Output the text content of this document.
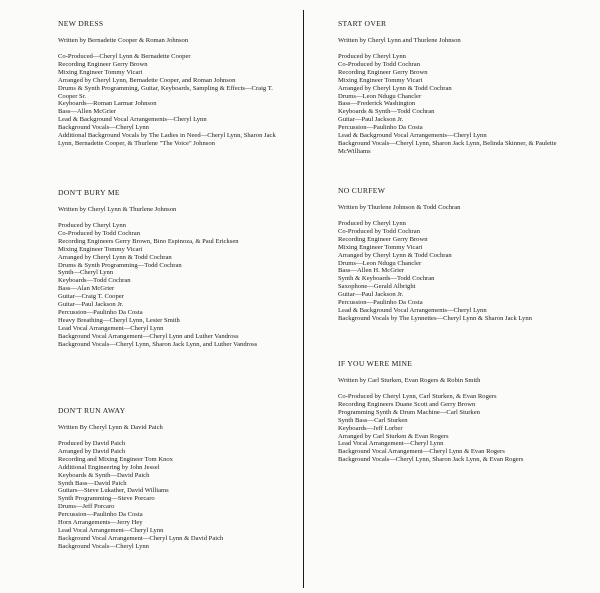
NEW DRESS
Written by Bernadette Cooper & Roman Johnson
Co-Produced—Cheryl Lynn & Bernadette Cooper
Recording Engineer Gerry Brown
Mixing Engineer Tommy Vicari
Arranged by Cheryl Lynn, Bernadette Cooper, and Roman Johnson
Drums & Synth Programming, Guitar, Keyboards, Sampling & Effects—Craig T. Cooper Sr.
Keyboards—Roman Larmar Johnson
Bass—Allen McGrier
Lead & Background Vocal Arrangements—Cheryl Lynn
Background Vocals—Cheryl Lynn
Additional Background Vocals by The Ladies in Need—Cheryl Lynn, Sharon Jack Lynn, Bernadette Cooper, & Thurlene "The Voice" Johnson
DON'T BURY ME
Written by Cheryl Lynn & Thurlene Johnson
Produced by Cheryl Lynn
Co-Produced by Todd Cochran
Recording Engineers Gerry Brown, Bino Espinoza, & Paul Ericksen
Mixing Engineer Tommy Vicari
Arranged by Cheryl Lynn & Todd Cochran
Drums & Synth Programming—Todd Cochran
Synth—Cheryl Lynn
Keyboards—Todd Cochran
Bass—Alan McGrier
Guitar—Craig T. Cooper
Guitar—Paul Jackson Jr.
Percussion—Paulinho Da Costa
Heavy Breathing—Cheryl Lynn, Lester Smith
Lead Vocal Arrangement—Cheryl Lynn
Background Vocal Arrangement—Cheryl Lynn and Luther Vandross
Background Vocals—Cheryl Lynn, Sharon Jack Lynn, and Luther Vandross
DON'T RUN AWAY
Written By Cheryl Lynn & David Paich
Produced by David Paich
Arranged by David Paich
Recording and Mixing Engineer Tom Knox
Additional Engineering by John Jessel
Keyboards & Synth—David Paich
Synth Bass—David Paich
Guitars—Steve Lukather, David Williams
Synth Programming—Steve Porcaro
Drums—Jeff Porcaro
Percussion—Paulinho Da Costa
Horn Arrangements—Jerry Hey
Lead Vocal Arrangement—Cheryl Lynn
Background Vocal Arrangement—Cheryl Lynn & David Paich
Background Vocals—Cheryl Lynn
START OVER
Written by Cheryl Lynn and Thurlene Johnson
Produced by Cheryl Lynn
Co-Produced by Todd Cochran
Recording Engineer Gerry Brown
Mixing Engineer Tommy Vicari
Arranged by Cheryl Lynn & Todd Cochran
Drums—Leon Ndugu Chancler
Bass—Frederick Washington
Keyboards & Synth—Todd Cochran
Guitar—Paul Jackson Jr.
Percussion—Paulinho Da Costa
Lead & Background Vocal Arrangements—Cheryl Lynn
Background Vocals—Cheryl Lynn, Sharon Jack Lynn, Belinda Skinner, & Paulette McWilliams
NO CURFEW
Written by Thurlene Johnson & Todd Cochran
Produced by Cheryl Lynn
Co-Produced by Todd Cochran
Recording Engineer Gerry Brown
Mixing Engineer Tommy Vicari
Arranged by Cheryl Lynn & Todd Cochran
Drums—Leon Ndugu Chancler
Bass—Allen H. McGrier
Synth & Keyboards—Todd Cochran
Saxophone—Gerald Albright
Guitar—Paul Jackson Jr.
Percussion—Paulinho Da Costa
Lead & Background Vocal Arrangements—Cheryl Lynn
Background Vocals by The Lynnettes—Cheryl Lynn & Sharon Jack Lynn
IF YOU WERE MINE
Written by Carl Sturken, Evan Rogers & Robin Smith
Co-Produced by Cheryl Lynn, Carl Sturken, & Evan Rogers
Recording Engineers Duane Scott and Gerry Brown
Programming Synth & Drum Machine—Carl Sturken
Synth Bass—Carl Sturken
Keyboards—Jeff Lorber
Arranged by Carl Sturken & Evan Rogers
Lead Vocal Arrangement—Cheryl Lynn
Background Vocal Arrangement—Cheryl Lynn & Evan Rogers
Background Vocals—Cheryl Lynn, Sharon Jack Lynn, & Evan Rogers
